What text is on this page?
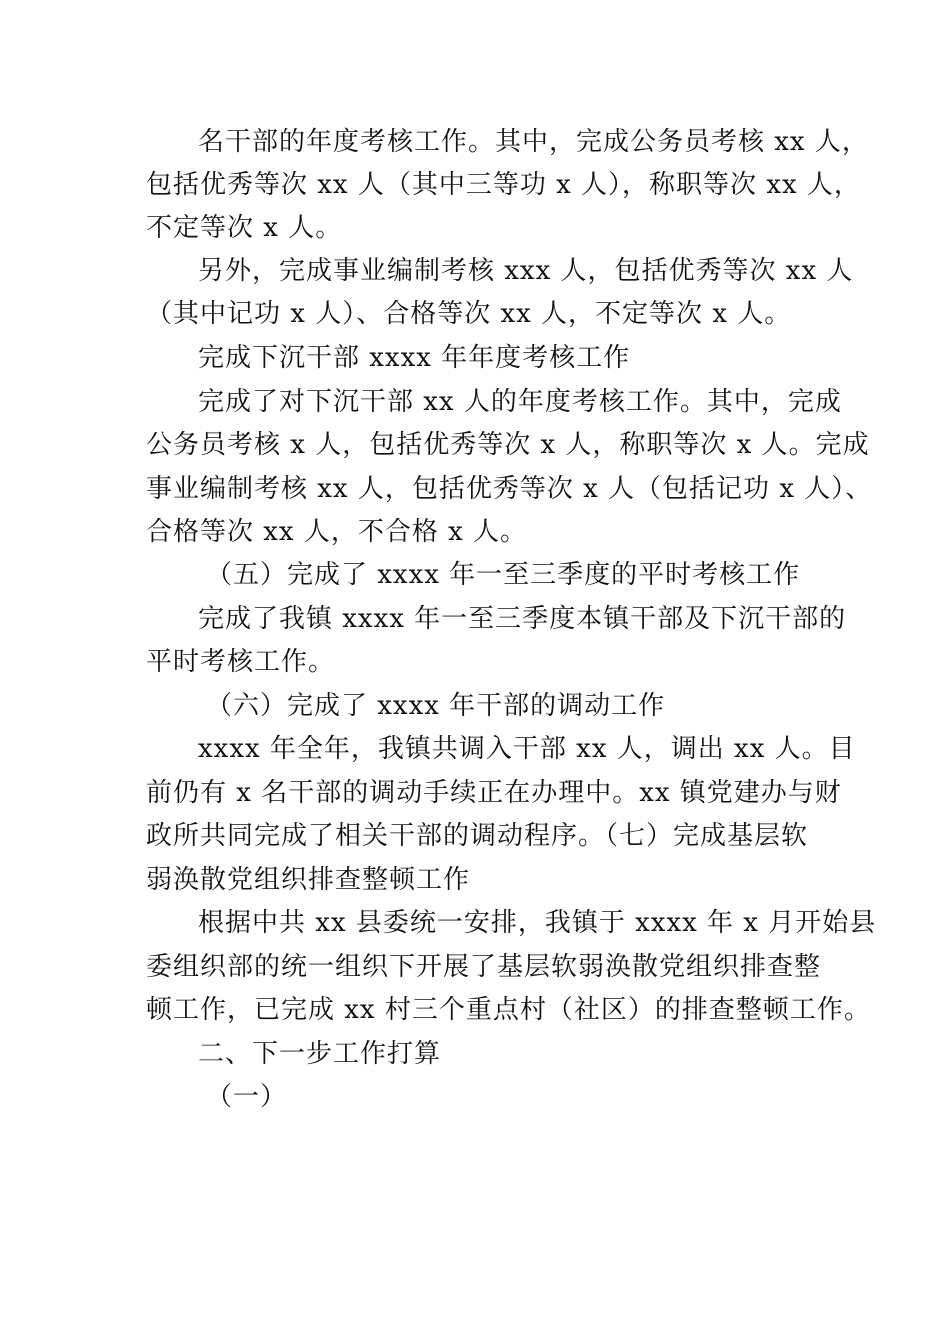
名干部的年度考核工作。其中，完成公务员考核 xx 人，
包括优秀等次 xx 人（其中三等功 x 人），称职等次 xx 人，
不定等次 x 人。
另外，完成事业编制考核 xxx 人，包括优秀等次 xx 人
（其中记功 x 人）、合格等次 xx 人，不定等次 x 人。
完成下沉干部 xxxx 年年度考核工作
完成了对下沉干部 xx 人的年度考核工作。其中，完成
公务员考核 x 人，包括优秀等次 x 人，称职等次 x 人。完成
事业编制考核 xx 人，包括优秀等次 x 人（包括记功 x 人）、
合格等次 xx 人，不合格 x 人。
（五）完成了 xxxx 年一至三季度的平时考核工作
完成了我镇 xxxx 年一至三季度本镇干部及下沉干部的
平时考核工作。
（六）完成了 xxxx 年干部的调动工作
xxxx 年全年，我镇共调入干部 xx 人，调出 xx 人。目
前仍有 x 名干部的调动手续正在办理中。xx 镇党建办与财
政所共同完成了相关干部的调动程序。（七）完成基层软
弱涣散党组织排查整顿工作
根据中共 xx 县委统一安排，我镇于 xxxx 年 x 月开始县
委组织部的统一组织下开展了基层软弱涣散党组织排查整
顿工作，已完成 xx 村三个重点村（社区）的排查整顿工作。
二、下一步工作打算
（一）
